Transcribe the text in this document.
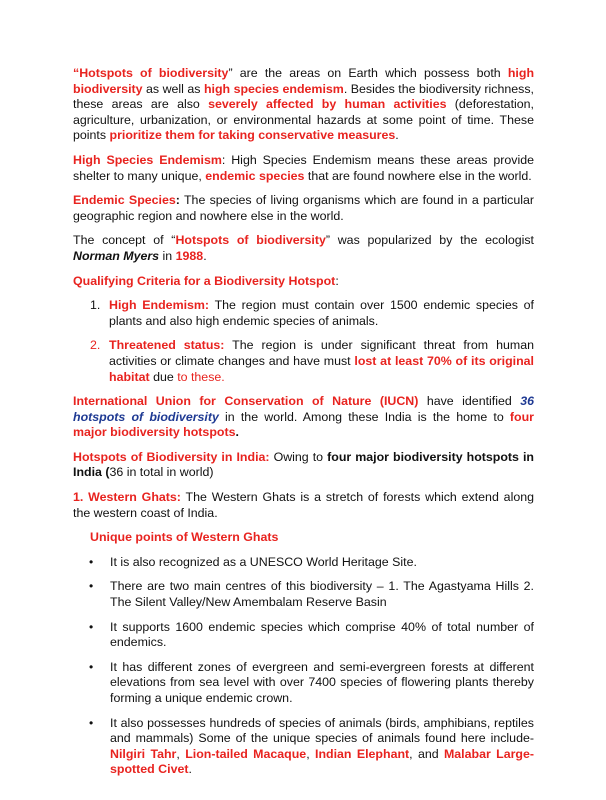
“Hotspots of biodiversity” are the areas on Earth which possess both high biodiversity as well as high species endemism. Besides the biodiversity richness, these areas are also severely affected by human activities (deforestation, agriculture, urbanization, or environmental hazards at some point of time. These points prioritize them for taking conservative measures.

High Species Endemism: High Species Endemism means these areas provide shelter to many unique, endemic species that are found nowhere else in the world.

Endemic Species: The species of living organisms which are found in a particular geographic region and nowhere else in the world.

The concept of “Hotspots of biodiversity” was popularized by the ecologist Norman Myers in 1988.

Qualifying Criteria for a Biodiversity Hotspot:

1. High Endemism: The region must contain over 1500 endemic species of plants and also high endemic species of animals.
2. Threatened status: The region is under significant threat from human activities or climate changes and have must lost at least 70% of its original habitat due to these.

International Union for Conservation of Nature (IUCN) have identified 36 hotspots of biodiversity in the world. Among these India is the home to four major biodiversity hotspots.

Hotspots of Biodiversity in India: Owing to four major biodiversity hotspots in India (36 in total in world)

1. Western Ghats: The Western Ghats is a stretch of forests which extend along the western coast of India.

Unique points of Western Ghats

• It is also recognized as a UNESCO World Heritage Site.
• There are two main centres of this biodiversity – 1. The Agastyama Hills 2. The Silent Valley/New Amembalam Reserve Basin
• It supports 1600 endemic species which comprise 40% of total number of endemics.
• It has different zones of evergreen and semi-evergreen forests at different elevations from sea level with over 7400 species of flowering plants thereby forming a unique endemic crown.
• It also possesses hundreds of species of animals (birds, amphibians, reptiles and mammals) Some of the unique species of animals found here include-Nilgiri Tahr, Lion-tailed Macaque, Indian Elephant, and Malabar Large-spotted Civet.
